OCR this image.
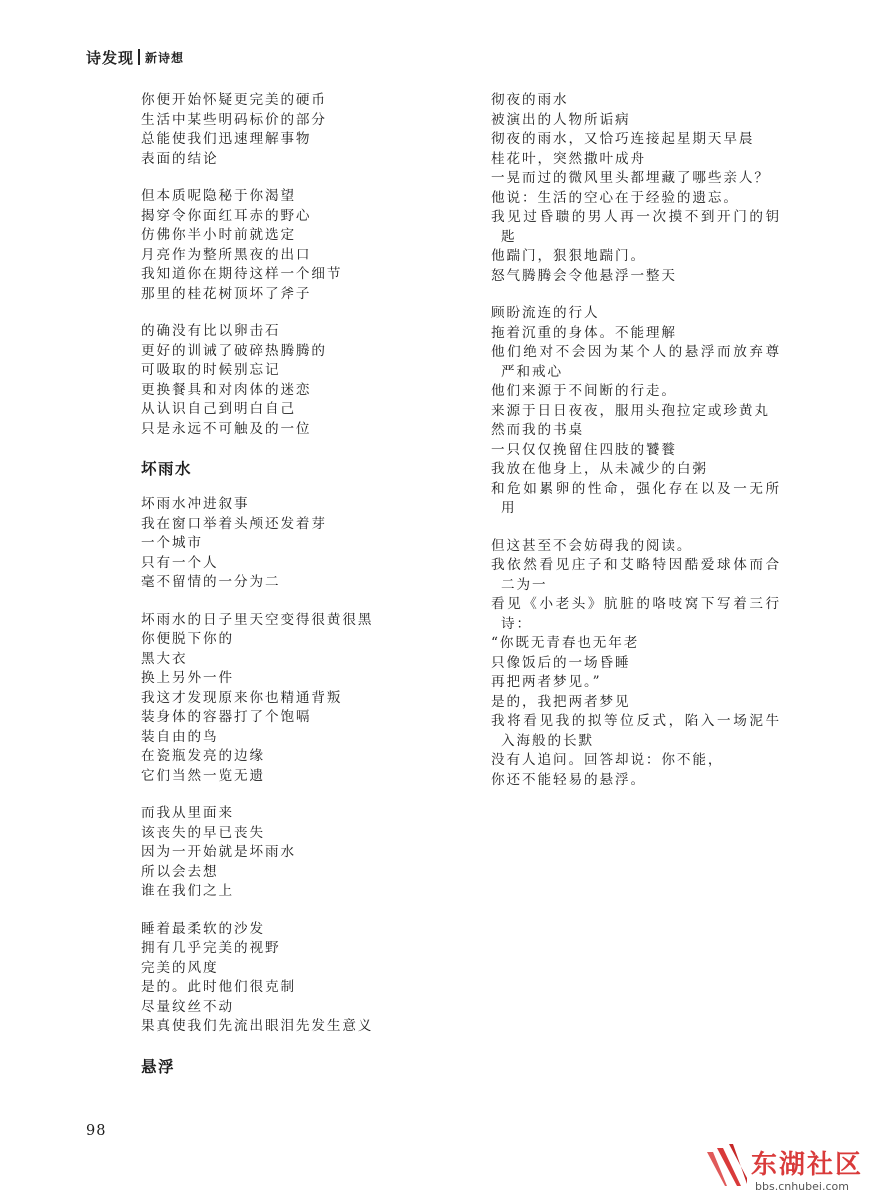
诗发现 新诗想
你便开始怀疑更完美的硬币
生活中某些明码标价的部分
总能使我们迅速理解事物
表面的结论
但本质呢隐秘于你渴望
揭穿令你面红耳赤的野心
仿佛你半小时前就选定
月亮作为整所黑夜的出口
我知道你在期待这样一个细节
那里的桂花树顶坏了斧子
的确没有比以卵击石
更好的训诫了破碎热腾腾的
可吸取的时候别忘记
更换餐具和对肉体的迷恋
从认识自己到明白自己
只是永远不可触及的一位
坏雨水
坏雨水冲进叙事
我在窗口举着头颅还发着芽
一个城市
只有一个人
毫不留情的一分为二
坏雨水的日子里天空变得很黄很黑
你便脱下你的
黑大衣
换上另外一件
我这才发现原来你也精通背叛
装身体的容器打了个饱嗝
装自由的鸟
在瓷瓶发亮的边缘
它们当然一览无遗
而我从里面来
该丧失的早已丧失
因为一开始就是坏雨水
所以会去想
谁在我们之上
睡着最柔软的沙发
拥有几乎完美的视野
完美的风度
是的。此时他们很克制
尽量纹丝不动
果真使我们先流出眼泪先发生意义
悬浮
彻夜的雨水
被演出的人物所诟病
彻夜的雨水，又恰巧连接起星期天早晨
桂花叶，突然撒叶成舟
一晃而过的微风里头都埋藏了哪些亲人？
他说：生活的空心在于经验的遗忘。
我见过昏聩的男人再一次摸不到开门的钥匙
他踹门，狠狠地踹门。
怒气腾腾会令他悬浮一整天
顾盼流连的行人
拖着沉重的身体。不能理解
他们绝对不会因为某个人的悬浮而放弃尊严和戒心
他们来源于不间断的行走。
来源于日日夜夜，服用头孢拉定或珍黄丸
然而我的书桌
一只仅仅挽留住四肢的饕餮
我放在他身上，从未减少的白粥
和危如累卵的性命，强化存在以及一无所用
但这甚至不会妨碍我的阅读。
我依然看见庄子和艾略特因酷爱球体而合二为一
看见《小老头》肮脏的咯吱窝下写着三行诗：
“你既无青春也无年老
只像饭后的一场昏睡
再把两者梦见。”
是的，我把两者梦见
我将看见我的拟等位反式，陷入一场泥牛入海般的长默
没有人追问。回答却说：你不能，
你还不能轻易的悬浮。
98
东湖社区
bbs.cnhubei.com
